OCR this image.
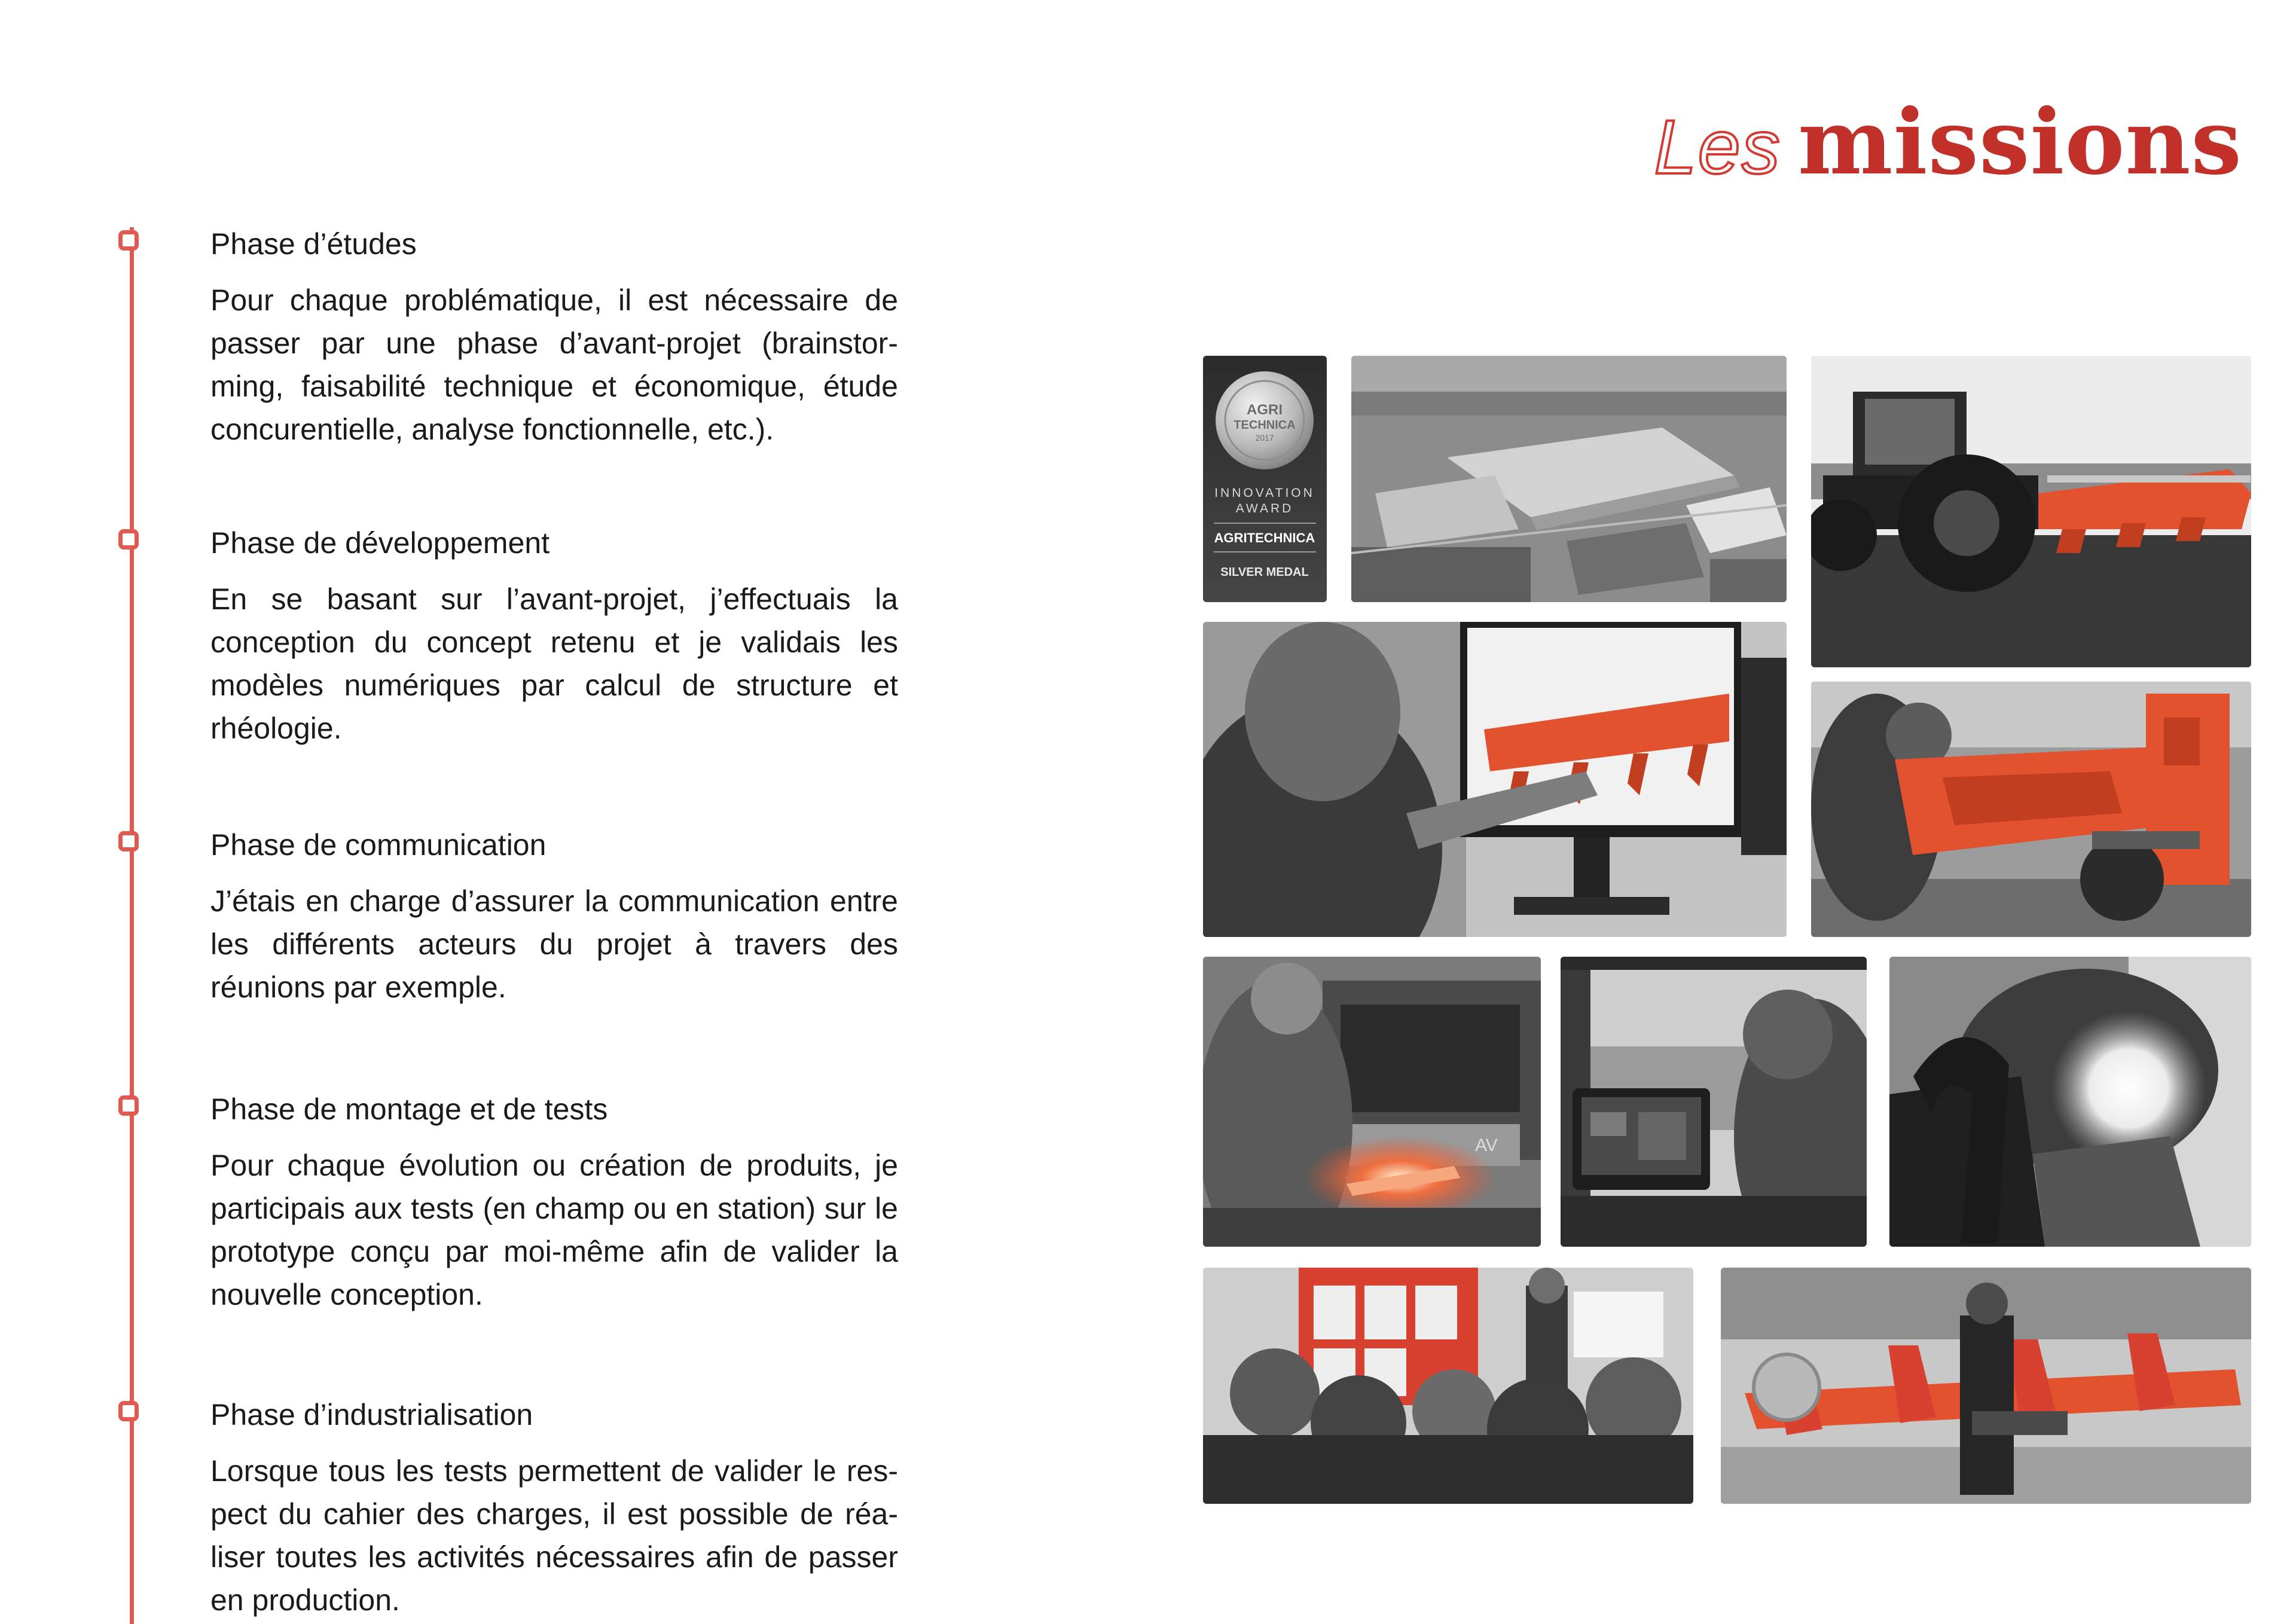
Les missions
Phase d’études

Pour chaque problématique, il est nécessaire de passer par une phase d’avant-projet (brainstor-ming, faisabilité technique et économique, étude concurentielle, analyse fonctionnelle, etc.).

Phase de développement

En se basant sur l’avant-projet, j’effectuais la conception du concept retenu et je validais les modèles numériques par calcul de structure et rhéologie.

Phase de communication

J’étais en charge d’assurer la communication entre les différents acteurs du projet à travers des réunions par exemple.

Phase de montage et de tests

Pour chaque évolution ou création de produits, je participais aux tests (en champ ou en station) sur le prototype conçu par moi-même afin de valider la nouvelle conception.

Phase d’industrialisation

Lorsque tous les tests permettent de valider le res-pect du cahier des charges, il est possible de réa-liser toutes les activités nécessaires afin de passer en production.

AGRI
TECHNICA
2017
INNOVATION
AWARD
AGRITECHNICA
SILVER MEDAL
AV
